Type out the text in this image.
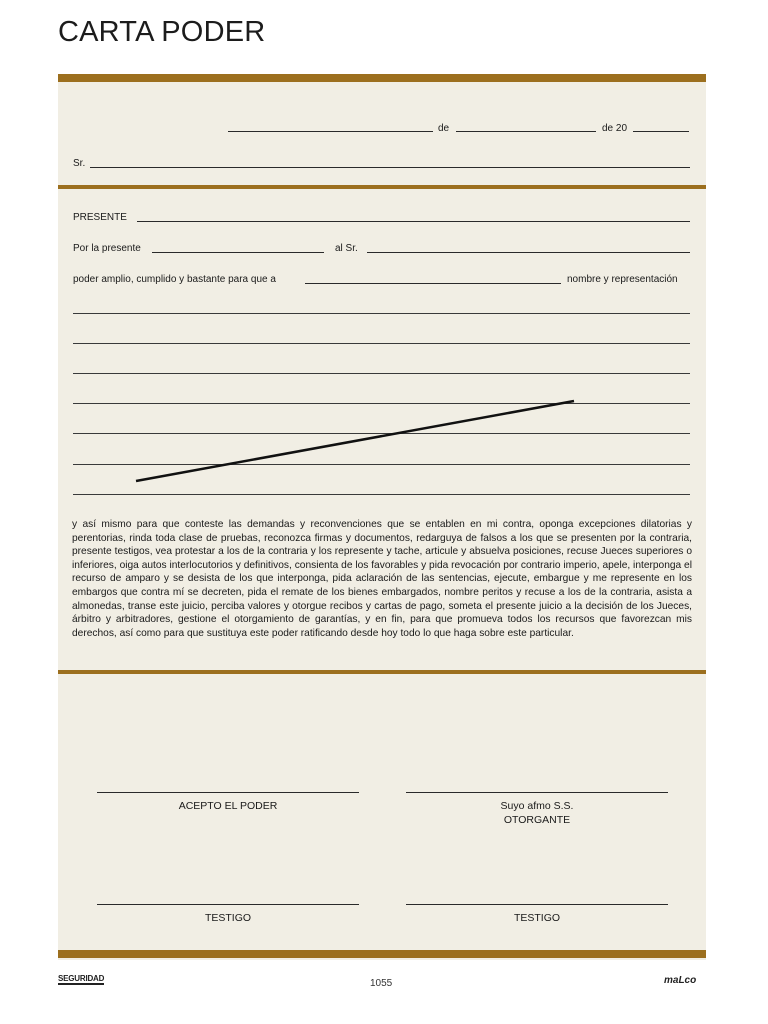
CARTA PODER
de	de 20
Sr.
PRESENTE
Por la presente	al Sr.
poder amplio, cumplido y bastante para que a	nombre y representación

y así mismo para que conteste las demandas y reconvenciones que se entablen en mi contra, oponga excepciones dilatorias y perentorias, rinda toda clase de pruebas, reconozca firmas y documentos, redarguya de falsos a los que se presenten por la contraria, presente testigos, vea protestar a los de la contraria y los represente y tache, articule y absuelva posiciones, recuse Jueces superiores o inferiores, oiga autos interlocutorios y definitivos, consienta de los favorables y pida revocación por contrario imperio, apele, interponga el recurso de amparo y se desista de los que interponga, pida aclaración de las sentencias, ejecute, embargue y me represente en los embargos que contra mí se decreten, pida el remate de los bienes embargados, nombre peritos y recuse a los de la contraria, asista a almonedas, transe este juicio, perciba valores y otorgue recibos y cartas de pago, someta el presente juicio a la decisión de los Jueces, árbitro y arbitradores, gestione el otorgamiento de garantías, y en fin, para que promueva todos los recursos que favorezcan mis derechos, así como para que sustituya este poder ratificando desde hoy todo lo que haga sobre este particular.

ACEPTO EL PODER	Suyo afmo S.S.
OTORGANTE
TESTIGO	TESTIGO
SEGURIDAD	1055	maLco
